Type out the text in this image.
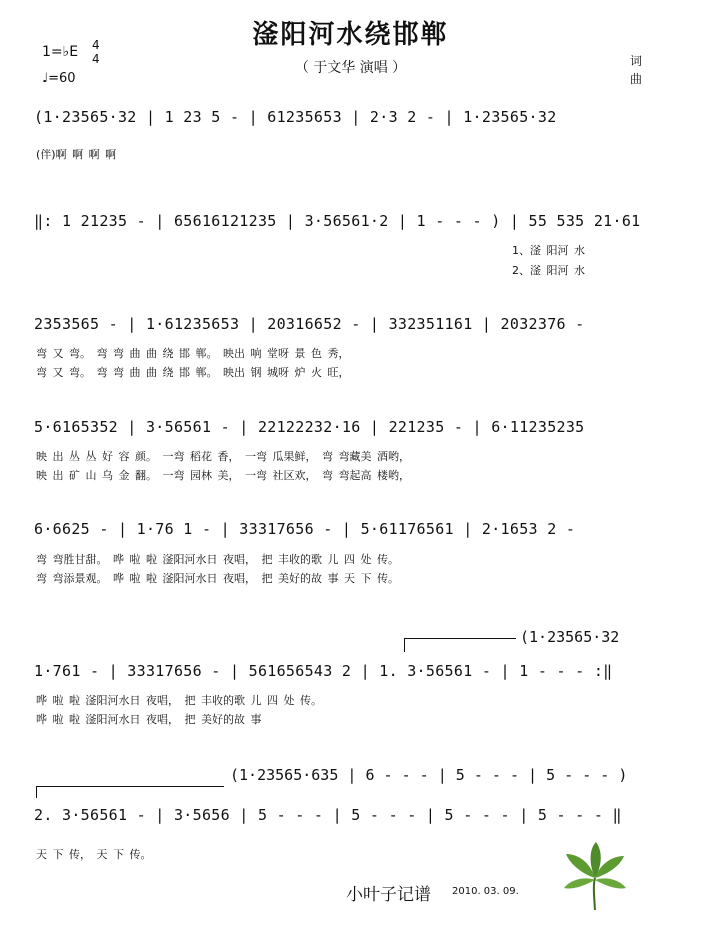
滏阳河水绕邯郸
（ 于文华 演唱 ）
1=♭E 4
4
♩=60
词
曲
(1·23565·32 | 1 23 5 - | 61235653 | 2·3 2 - | 1·23565·32
(伴)啊 啊 啊 啊
‖: 1 21235 - | 65616121235 | 3·56561·2 | 1 - - - ) | 55 535 21·61
1、滏 阳河 水
2、滏 阳河 水
2353565 - | 1·61235653 | 20316652 - | 332351161 | 2032376 -
弯 又 弯。 弯 弯 曲 曲 绕 邯 郸。 映出 响 堂呀 景 色 秀，
弯 又 弯。 弯 弯 曲 曲 绕 邯 郸。 映出 钢 城呀 炉 火 旺，
5·6165352 | 3·56561 - | 22122232·16 | 221235 - | 6·11235235
映 出 丛 丛 好 容 颜。 一弯 稻花 香， 一弯 瓜果鲜， 弯 弯藏美 酒哟，
映 出 矿 山 乌 金 翻。 一弯 园林 美， 一弯 社区欢， 弯 弯起高 楼哟，
6·6625 - | 1·76 1 - | 33317656 - | 5·611765​61 | 2·1653 2 -
弯 弯胜甘甜。 哗 啦 啦 滏阳河水日 夜唱， 把 丰收的歌 儿 四 处 传。
弯 弯添景观。 哗 啦 啦 滏阳河水日 夜唱， 把 美好的故 事 天 下 传。
(1·23565·32
1·761 - | 33317656 - | 561656543 2 | 1. 3·56561 - | 1 - - - :‖
哗 啦 啦 滏阳河水日 夜唱， 把 丰收的歌 儿 四 处 传。
哗 啦 啦 滏阳河水日 夜唱， 把 美好的故 事
(1·23565·635 | 6 - - - | 5 - - - | 5 - - - )
2. 3·56561 - | 3·5656 | 5 - - - | 5 - - - | 5 - - - | 5 - - - ‖
天 下 传， 天 下 传。
小叶子记谱 2010. 03. 09.
